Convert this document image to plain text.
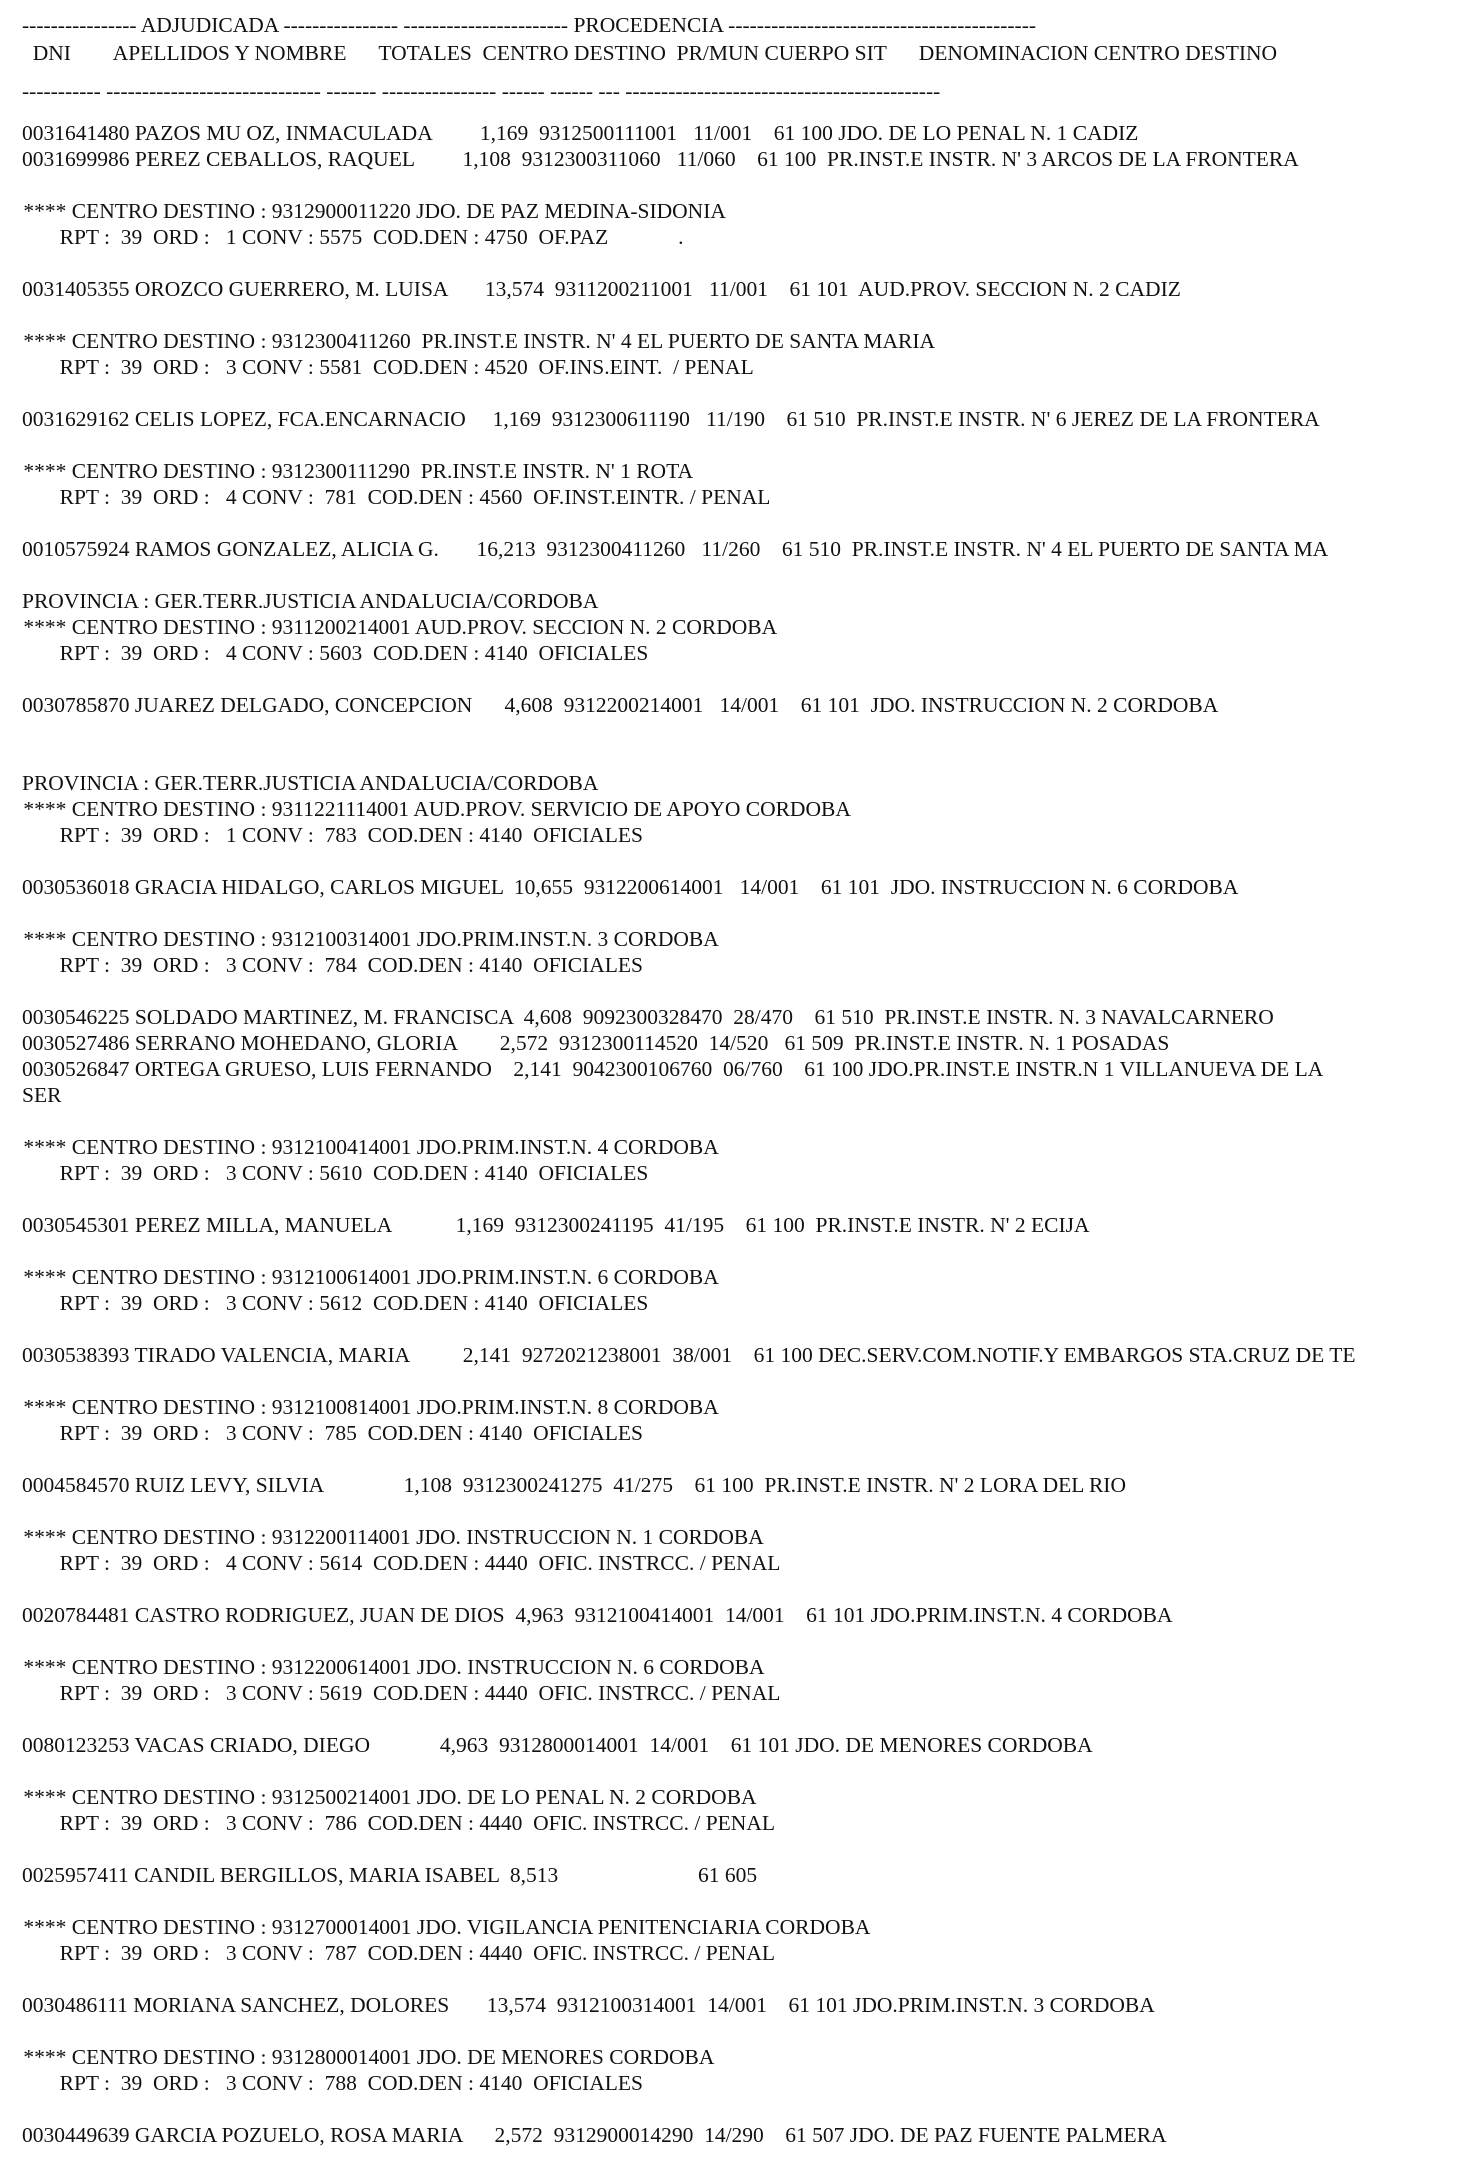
---------------- ADJUDICADA ---------------- ----------------------- PROCEDENCIA -------------------------------------------
DNI        APELLIDOS Y NOMBRE      TOTALES  CENTRO DESTINO  PR/MUN CUERPO SIT      DENOMINACION CENTRO DESTINO
----------- ------------------------------ ------- ---------------- ------ ------ --- --------------------------------------------
0031641480 PAZOS MU OZ, INMACULADA         1,169  9312500111001   11/001    61 100 JDO. DE LO PENAL N. 1 CADIZ
0031699986 PEREZ CEBALLOS, RAQUEL         1,108  9312300311060   11/060    61 100  PR.INST.E INSTR. N' 3 ARCOS DE LA FRONTERA
**** CENTRO DESTINO : 9312900011220 JDO. DE PAZ MEDINA-SIDONIA
RPT :  39  ORD :   1 CONV : 5575  COD.DEN : 4750  OF.PAZ             .
0031405355 OROZCO GUERRERO, M. LUISA       13,574  9311200211001   11/001    61 101  AUD.PROV. SECCION N. 2 CADIZ
**** CENTRO DESTINO : 9312300411260  PR.INST.E INSTR. N' 4 EL PUERTO DE SANTA MARIA
RPT :  39  ORD :   3 CONV : 5581  COD.DEN : 4520  OF.INS.EINT.  / PENAL
0031629162 CELIS LOPEZ, FCA.ENCARNACIO     1,169  9312300611190   11/190    61 510  PR.INST.E INSTR. N' 6 JEREZ DE LA FRONTERA
**** CENTRO DESTINO : 9312300111290  PR.INST.E INSTR. N' 1 ROTA
RPT :  39  ORD :   4 CONV :  781  COD.DEN : 4560  OF.INST.EINTR. / PENAL
0010575924 RAMOS GONZALEZ, ALICIA G.       16,213  9312300411260   11/260    61 510  PR.INST.E INSTR. N' 4 EL PUERTO DE SANTA MA
PROVINCIA : GER.TERR.JUSTICIA ANDALUCIA/CORDOBA
**** CENTRO DESTINO : 9311200214001 AUD.PROV. SECCION N. 2 CORDOBA
RPT :  39  ORD :   4 CONV : 5603  COD.DEN : 4140  OFICIALES
0030785870 JUAREZ DELGADO, CONCEPCION      4,608  9312200214001   14/001    61 101  JDO. INSTRUCCION N. 2 CORDOBA
PROVINCIA : GER.TERR.JUSTICIA ANDALUCIA/CORDOBA
**** CENTRO DESTINO : 9311221114001 AUD.PROV. SERVICIO DE APOYO CORDOBA
RPT :  39  ORD :   1 CONV :  783  COD.DEN : 4140  OFICIALES
0030536018 GRACIA HIDALGO, CARLOS MIGUEL  10,655  9312200614001   14/001    61 101  JDO. INSTRUCCION N. 6 CORDOBA
**** CENTRO DESTINO : 9312100314001 JDO.PRIM.INST.N. 3 CORDOBA
RPT :  39  ORD :   3 CONV :  784  COD.DEN : 4140  OFICIALES
0030546225 SOLDADO MARTINEZ, M. FRANCISCA  4,608  9092300328470  28/470    61 510  PR.INST.E INSTR. N. 3 NAVALCARNERO
0030527486 SERRANO MOHEDANO, GLORIA        2,572  9312300114520  14/520   61 509  PR.INST.E INSTR. N. 1 POSADAS
0030526847 ORTEGA GRUESO, LUIS FERNANDO    2,141  9042300106760  06/760    61 100 JDO.PR.INST.E INSTR.N 1 VILLANUEVA DE LA
SER
**** CENTRO DESTINO : 9312100414001 JDO.PRIM.INST.N. 4 CORDOBA
RPT :  39  ORD :   3 CONV : 5610  COD.DEN : 4140  OFICIALES
0030545301 PEREZ MILLA, MANUELA            1,169  9312300241195  41/195    61 100  PR.INST.E INSTR. N' 2 ECIJA
**** CENTRO DESTINO : 9312100614001 JDO.PRIM.INST.N. 6 CORDOBA
RPT :  39  ORD :   3 CONV : 5612  COD.DEN : 4140  OFICIALES
0030538393 TIRADO VALENCIA, MARIA          2,141  9272021238001  38/001    61 100 DEC.SERV.COM.NOTIF.Y EMBARGOS STA.CRUZ DE TE
**** CENTRO DESTINO : 9312100814001 JDO.PRIM.INST.N. 8 CORDOBA
RPT :  39  ORD :   3 CONV :  785  COD.DEN : 4140  OFICIALES
0004584570 RUIZ LEVY, SILVIA               1,108  9312300241275  41/275    61 100  PR.INST.E INSTR. N' 2 LORA DEL RIO
**** CENTRO DESTINO : 9312200114001 JDO. INSTRUCCION N. 1 CORDOBA
RPT :  39  ORD :   4 CONV : 5614  COD.DEN : 4440  OFIC. INSTRCC. / PENAL
0020784481 CASTRO RODRIGUEZ, JUAN DE DIOS  4,963  9312100414001  14/001    61 101 JDO.PRIM.INST.N. 4 CORDOBA
**** CENTRO DESTINO : 9312200614001 JDO. INSTRUCCION N. 6 CORDOBA
RPT :  39  ORD :   3 CONV : 5619  COD.DEN : 4440  OFIC. INSTRCC. / PENAL
0080123253 VACAS CRIADO, DIEGO             4,963  9312800014001  14/001    61 101 JDO. DE MENORES CORDOBA
**** CENTRO DESTINO : 9312500214001 JDO. DE LO PENAL N. 2 CORDOBA
RPT :  39  ORD :   3 CONV :  786  COD.DEN : 4440  OFIC. INSTRCC. / PENAL
0025957411 CANDIL BERGILLOS, MARIA ISABEL  8,513                          61 605
**** CENTRO DESTINO : 9312700014001 JDO. VIGILANCIA PENITENCIARIA CORDOBA
RPT :  39  ORD :   3 CONV :  787  COD.DEN : 4440  OFIC. INSTRCC. / PENAL
0030486111 MORIANA SANCHEZ, DOLORES       13,574  9312100314001  14/001    61 101 JDO.PRIM.INST.N. 3 CORDOBA
**** CENTRO DESTINO : 9312800014001 JDO. DE MENORES CORDOBA
RPT :  39  ORD :   3 CONV :  788  COD.DEN : 4140  OFICIALES
0030449639 GARCIA POZUELO, ROSA MARIA      2,572  9312900014290  14/290    61 507 JDO. DE PAZ FUENTE PALMERA
